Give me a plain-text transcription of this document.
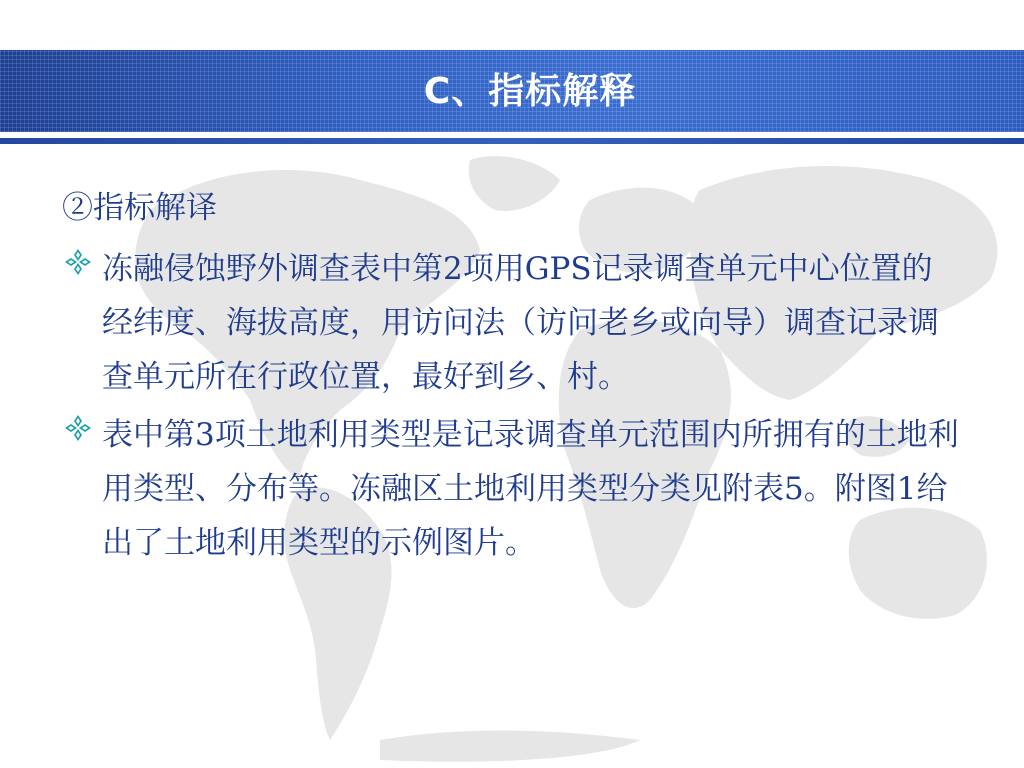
C、指标解释
②指标解译
冻融侵蚀野外调查表中第2项用GPS记录调查单元中心位置的经纬度、海拔高度，用访问法（访问老乡或向导）调查记录调查单元所在行政位置，最好到乡、村。
表中第3项土地利用类型是记录调查单元范围内所拥有的土地利用类型、分布等。冻融区土地利用类型分类见附表5。附图1给出了土地利用类型的示例图片。
